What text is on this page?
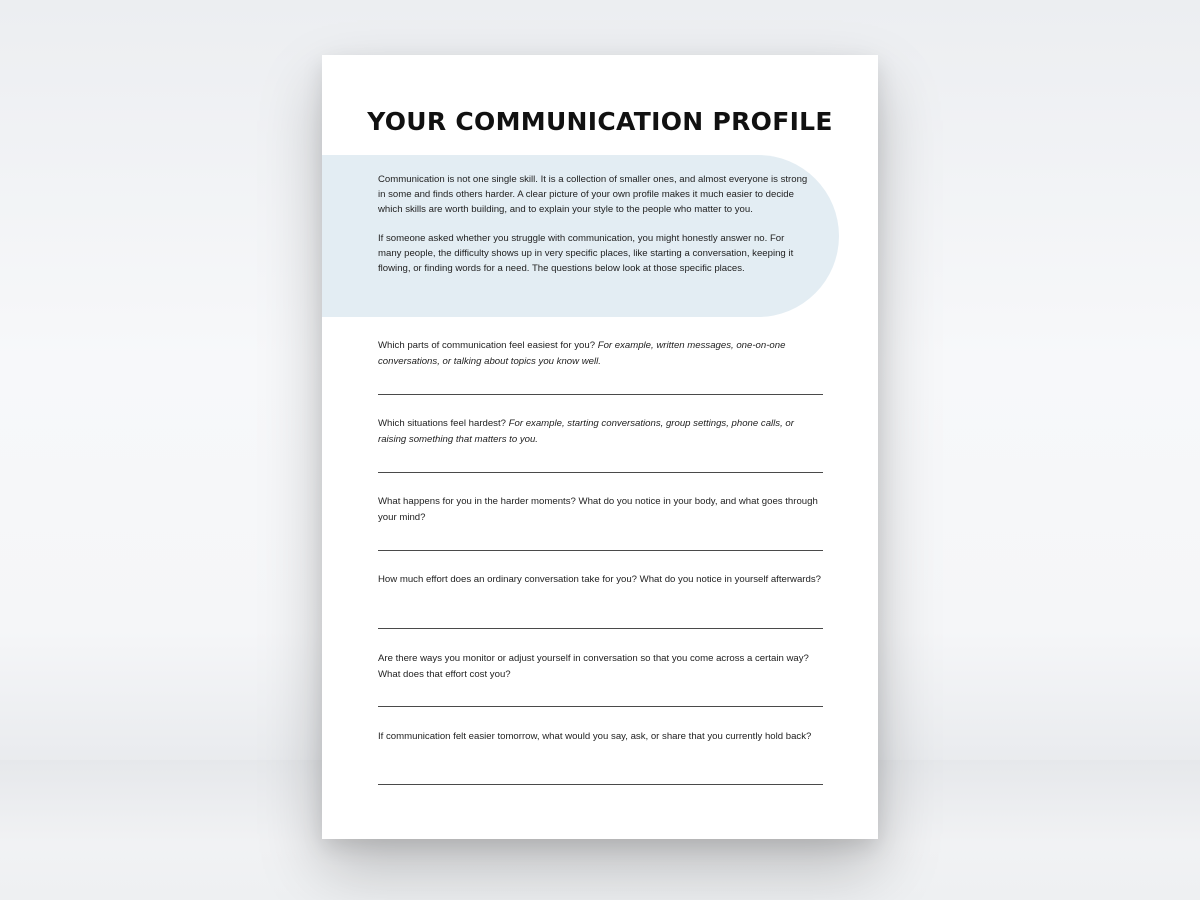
YOUR COMMUNICATION PROFILE

Communication is not one single skill. It is a collection of smaller ones, and almost everyone is strong in some and finds others harder. A clear picture of your own profile makes it much easier to decide which skills are worth building, and to explain your style to the people who matter to you.

If someone asked whether you struggle with communication, you might honestly answer no. For many people, the difficulty shows up in very specific places, like starting a conversation, keeping it flowing, or finding words for a need. The questions below look at those specific places.

Which parts of communication feel easiest for you? For example, written messages, one-on-one conversations, or talking about topics you know well.
Which situations feel hardest? For example, starting conversations, group settings, phone calls, or raising something that matters to you.
What happens for you in the harder moments? What do you notice in your body, and what goes through your mind?
How much effort does an ordinary conversation take for you? What do you notice in yourself afterwards?
Are there ways you monitor or adjust yourself in conversation so that you come across a certain way? What does that effort cost you?
If communication felt easier tomorrow, what would you say, ask, or share that you currently hold back?
